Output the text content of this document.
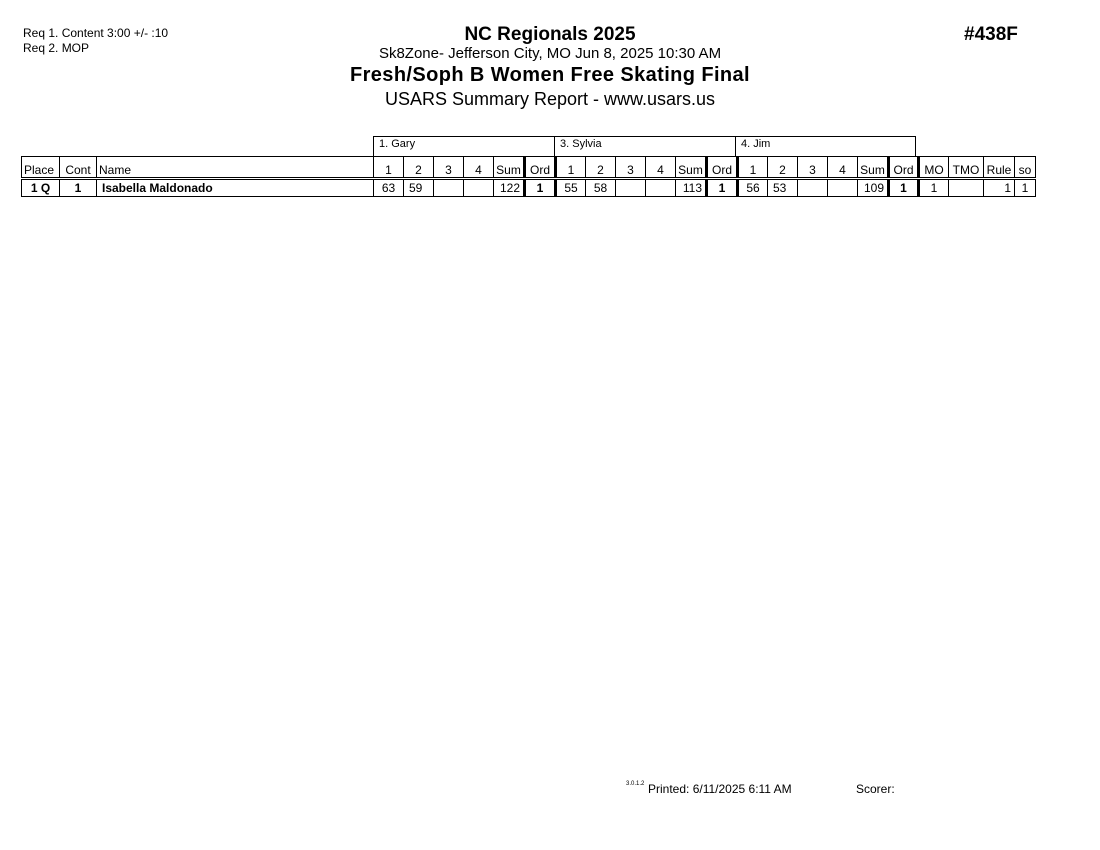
Req 1. Content 3:00 +/- :10
Req 2. MOP
#438F
NC Regionals 2025
Sk8Zone- Jefferson City, MO Jun 8, 2025 10:30 AM
Fresh/Soph B Women Free Skating Final
USARS Summary Report - www.usars.us
1. Gary	3. Sylvia	4. Jim
Place	Cont	Name	1	2	3	4	Sum	Ord	1	2	3	4	Sum	Ord	1	2	3	4	Sum	Ord	MO	TMO	Rule	so
1 Q	1	Isabella Maldonado	63	59			122	1	55	58			113	1	56	53			109	1	1		1	1
3.0.1.2 Printed: 6/11/2025 6:11 AM	Scorer:
